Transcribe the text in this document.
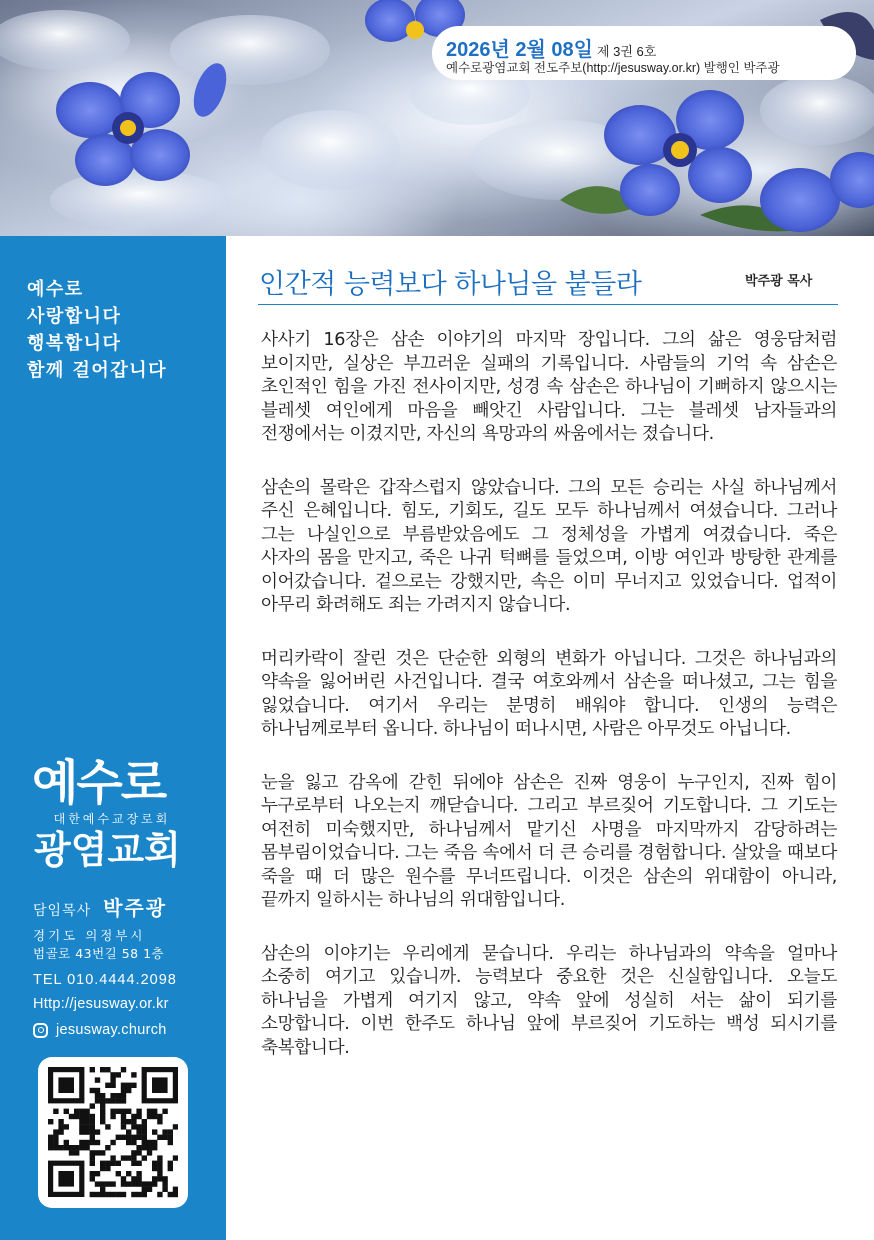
2026년 2월 08일 제 3권 6호
예수로광염교회 전도주보(http://jesusway.or.kr) 발행인 박주광
예수로
사랑합니다
행복합니다
함께 걸어갑니다
예수로
대한예수교장로회
광염교회
담임목사 박주광
경기도 의정부시
범골로 43번길 58 1층
TEL 010.4444.2098
Http://jesusway.or.kr
jesusway.church
인간적 능력보다 하나님을 붙들라	박주광 목사

사사기 16장은 삼손 이야기의 마지막 장입니다. 그의 삶은 영웅담처럼 보이지만, 실상은 부끄러운 실패의 기록입니다. 사람들의 기억 속 삼손은 초인적인 힘을 가진 전사이지만, 성경 속 삼손은 하나님이 기뻐하지 않으시는 블레셋 여인에게 마음을 빼앗긴 사람입니다. 그는 블레셋 남자들과의 전쟁에서는 이겼지만, 자신의 욕망과의 싸움에서는 졌습니다.

삼손의 몰락은 갑작스럽지 않았습니다. 그의 모든 승리는 사실 하나님께서 주신 은혜입니다. 힘도, 기회도, 길도 모두 하나님께서 여셨습니다. 그러나 그는 나실인으로 부름받았음에도 그 정체성을 가볍게 여겼습니다. 죽은 사자의 몸을 만지고, 죽은 나귀 턱뼈를 들었으며, 이방 여인과 방탕한 관계를 이어갔습니다. 겉으로는 강했지만, 속은 이미 무너지고 있었습니다. 업적이 아무리 화려해도 죄는 가려지지 않습니다.

머리카락이 잘린 것은 단순한 외형의 변화가 아닙니다. 그것은 하나님과의 약속을 잃어버린 사건입니다. 결국 여호와께서 삼손을 떠나셨고, 그는 힘을 잃었습니다. 여기서 우리는 분명히 배워야 합니다. 인생의 능력은 하나님께로부터 옵니다. 하나님이 떠나시면, 사람은 아무것도 아닙니다.

눈을 잃고 감옥에 갇힌 뒤에야 삼손은 진짜 영웅이 누구인지, 진짜 힘이 누구로부터 나오는지 깨닫습니다. 그리고 부르짖어 기도합니다. 그 기도는 여전히 미숙했지만, 하나님께서 맡기신 사명을 마지막까지 감당하려는 몸부림이었습니다. 그는 죽음 속에서 더 큰 승리를 경험합니다. 살았을 때보다 죽을 때 더 많은 원수를 무너뜨립니다. 이것은 삼손의 위대함이 아니라, 끝까지 일하시는 하나님의 위대함입니다.

삼손의 이야기는 우리에게 묻습니다. 우리는 하나님과의 약속을 얼마나 소중히 여기고 있습니까. 능력보다 중요한 것은 신실함입니다. 오늘도 하나님을 가볍게 여기지 않고, 약속 앞에 성실히 서는 삶이 되기를 소망합니다. 이번 한주도 하나님 앞에 부르짖어 기도하는 백성 되시기를 축복합니다.
